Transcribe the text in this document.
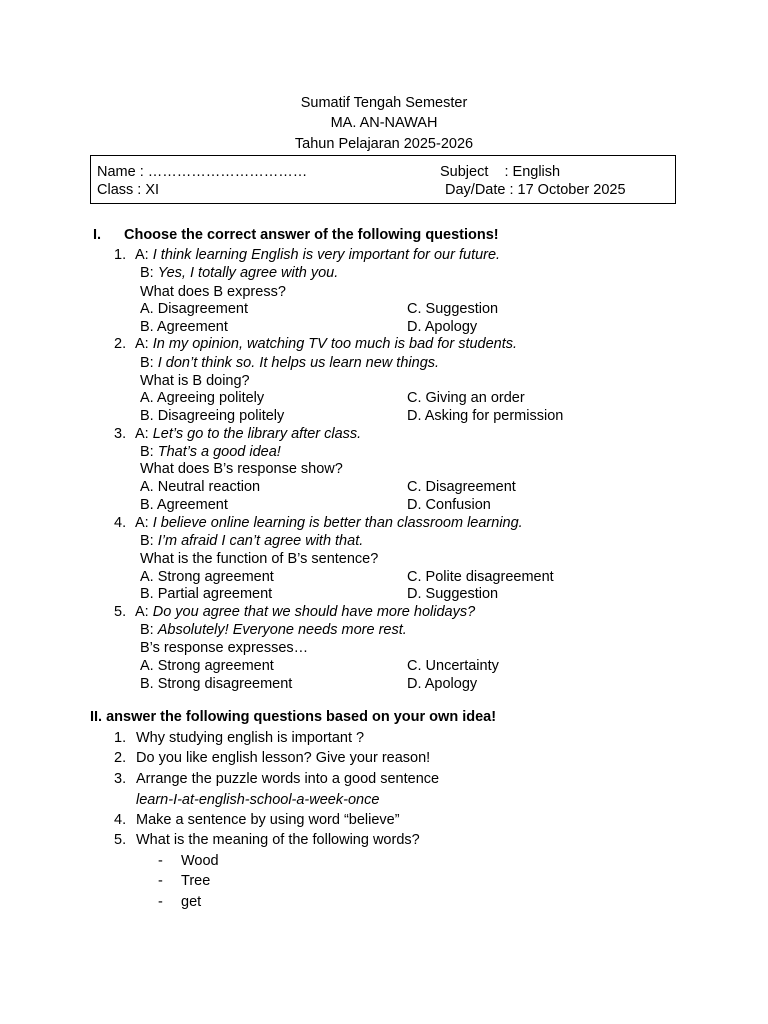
Sumatif Tengah Semester
MA. AN-NAWAH
Tahun Pelajaran 2025-2026
Name : ……………………………
Class : XI
Subject    : English
Day/Date : 17 October 2025
I. Choose the correct answer of the following questions!
1. A: I think learning English is very important for our future.
B: Yes, I totally agree with you.
What does B express?
A. Disagreement
B. Agreement
C. Suggestion
D. Apology
2. A: In my opinion, watching TV too much is bad for students.
B: I don’t think so. It helps us learn new things.
What is B doing?
A. Agreeing politely
B. Disagreeing politely
C. Giving an order
D. Asking for permission
3. A: Let’s go to the library after class.
B: That’s a good idea!
What does B’s response show?
A. Neutral reaction
B. Agreement
C. Disagreement
D. Confusion
4. A: I believe online learning is better than classroom learning.
B: I’m afraid I can’t agree with that.
What is the function of B’s sentence?
A. Strong agreement
B. Partial agreement
C. Polite disagreement
D. Suggestion
5. A: Do you agree that we should have more holidays?
B: Absolutely! Everyone needs more rest.
B’s response expresses…
A. Strong agreement
B. Strong disagreement
C. Uncertainty
D. Apology
II. answer the following questions based on your own idea!
1. Why studying english is important ?
2. Do you like english lesson? Give your reason!
3. Arrange the puzzle words into a good sentence
learn-I-at-english-school-a-week-once
4. Make a sentence by using word “believe”
5. What is the meaning of the following words?
- Wood
- Tree
- get
